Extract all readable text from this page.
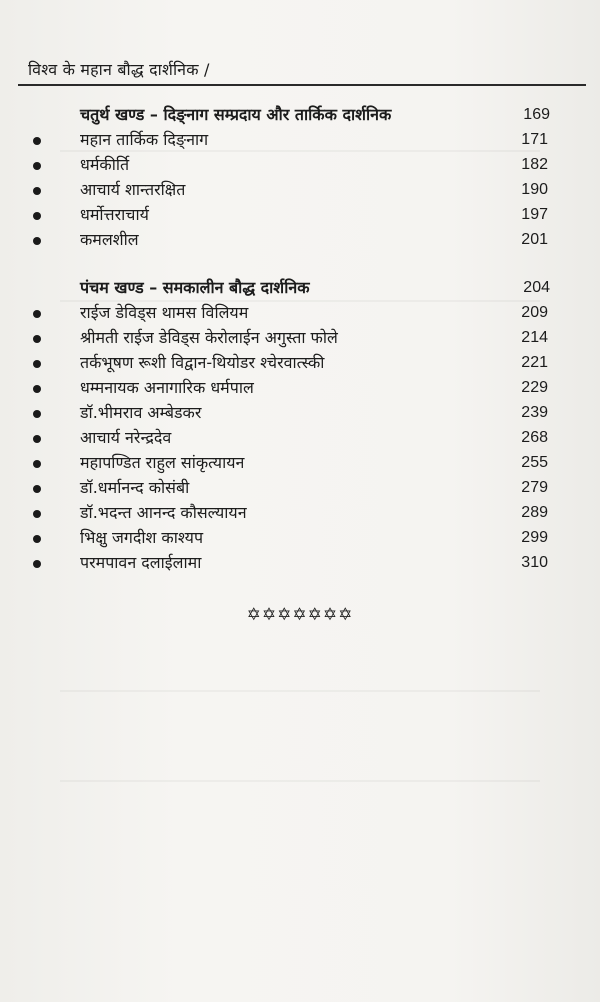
विश्व के महान बौद्ध दार्शनिक /
चतुर्थ खण्ड – दिङ्नाग सम्प्रदाय और तार्किक दार्शनिक	169
महान तार्किक दिङ्नाग	171
धर्मकीर्ति	182
आचार्य शान्तरक्षित	190
धर्मोत्तराचार्य	197
कमलशील	201
पंचम खण्ड – समकालीन बौद्ध दार्शनिक	204
राईज डेविड्स थामस विलियम	209
श्रीमती राईज डेविड्स केरोलाईन अगुस्ता फोले	214
तर्कभूषण रूशी विद्वान-थियोडर श्चेरवात्स्की	221
धम्मनायक अनागारिक धर्मपाल	229
डॉ.भीमराव अम्बेडकर	239
आचार्य नरेन्द्रदेव	268
महापण्डित राहुल सांकृत्यायन	255
डॉ.धर्मानन्द कोसंबी	279
डॉ.भदन्त आनन्द कौसल्यायन	289
भिक्षु जगदीश काश्यप	299
परमपावन दलाईलामा	310
✡✡✡✡✡✡✡
